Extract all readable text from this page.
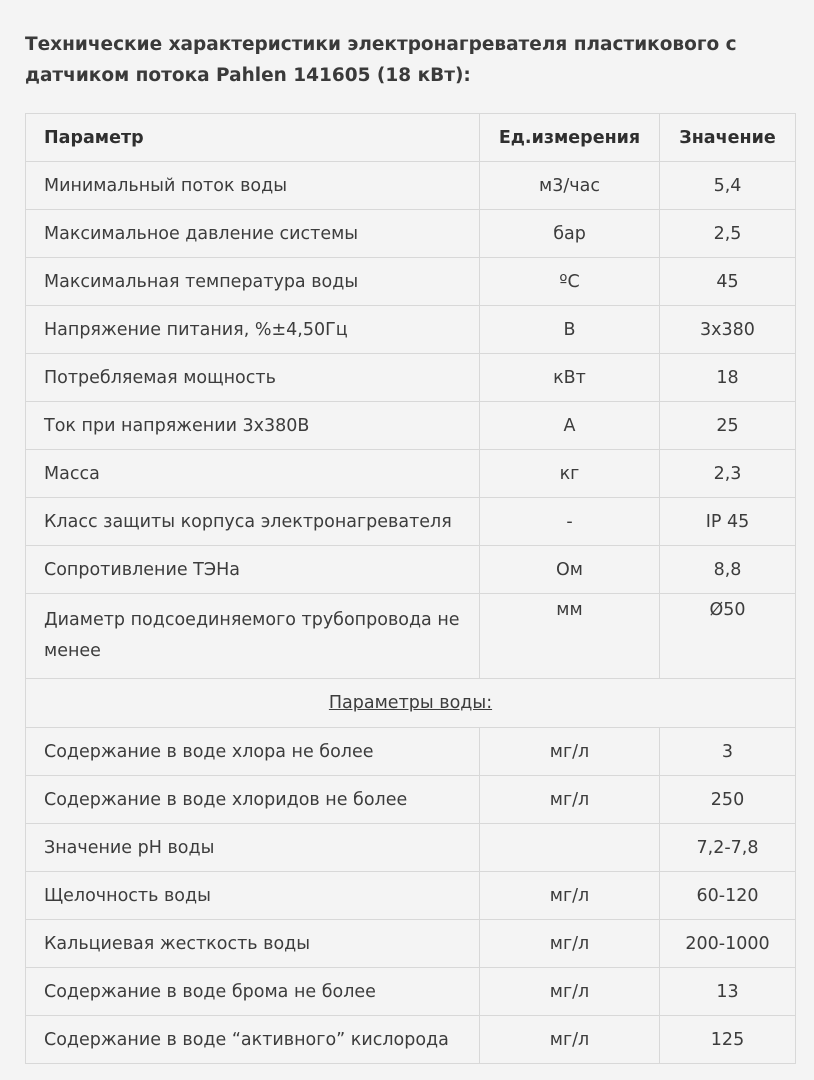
Технические характеристики электронагревателя пластикового с датчиком потока Pahlen 141605 (18 кВт):
Параметр	Ед.измерения	Значение
Минимальный поток воды	м3/час	5,4
Максимальное давление системы	бар	2,5
Максимальная температура воды	ºC	45
Напряжение питания, %±4,50Гц	В	3х380
Потребляемая мощность	кВт	18
Ток при напряжении 3х380В	А	25
Масса	кг	2,3
Класс защиты корпуса электронагревателя	-	IP 45
Сопротивление ТЭНа	Ом	8,8
Диаметр подсоединяемого трубопровода не менее	мм	Ø50
Параметры воды:		
Содержание в воде хлора не более	мг/л	3
Содержание в воде хлоридов не более	мг/л	250
Значение pH воды		7,2-7,8
Щелочность воды	мг/л	60-120
Кальциевая жесткость воды	мг/л	200-1000
Содержание в воде брома не более	мг/л	13
Содержание в воде “активного” кислорода	мг/л	125
